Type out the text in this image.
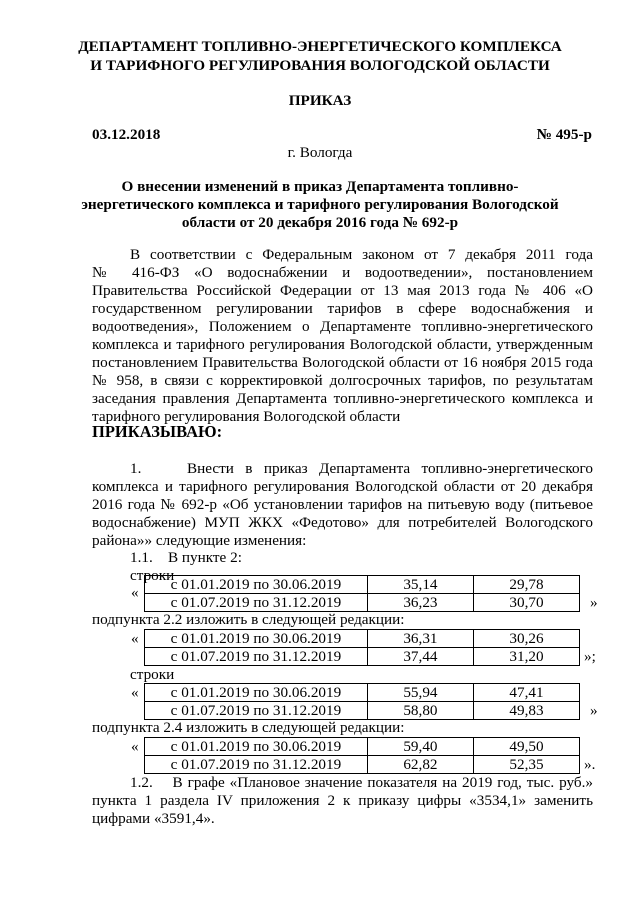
ДЕПАРТАМЕНТ ТОПЛИВНО-ЭНЕРГЕТИЧЕСКОГО КОМПЛЕКСА
И ТАРИФНОГО РЕГУЛИРОВАНИЯ ВОЛОГОДСКОЙ ОБЛАСТИ
ПРИКАЗ
03.12.2018	№ 495-р
г. Вологда
О внесении изменений в приказ Департамента топливно-
энергетического комплекса и тарифного регулирования Вологодской
области от 20 декабря 2016 года № 692-р
В соответствии с Федеральным законом от 7 декабря 2011 года
№ 416-ФЗ «О водоснабжении и водоотведении», постановлением
Правительства Российской Федерации от 13 мая 2013 года № 406 «О
государственном регулировании тарифов в сфере водоснабжения и
водоотведения», Положением о Департаменте топливно-энергетического
комплекса и тарифного регулирования Вологодской области, утвержденным
постановлением Правительства Вологодской области от 16 ноября 2015 года
№ 958, в связи с корректировкой долгосрочных тарифов, по результатам
заседания правления Департамента топливно-энергетического комплекса и
тарифного регулирования Вологодской области
ПРИКАЗЫВАЮ:
1.    Внести в приказ Департамента топливно-энергетического
комплекса и тарифного регулирования Вологодской области от 20 декабря
2016 года № 692-р «Об установлении тарифов на питьевую воду (питьевое
водоснабжение) МУП ЖКХ «Федотово» для потребителей Вологодского
района»» следующие изменения:
1.1.    В пункте 2:
строки
« с 01.01.2019 по 30.06.2019	35,14	29,78
с 01.07.2019 по 31.12.2019	36,23	30,70	»
подпункта 2.2 изложить в следующей редакции:
« с 01.01.2019 по 30.06.2019	36,31	30,26
с 01.07.2019 по 31.12.2019	37,44	31,20	»;
строки
« с 01.01.2019 по 30.06.2019	55,94	47,41
с 01.07.2019 по 31.12.2019	58,80	49,83	»
подпункта 2.4 изложить в следующей редакции:
« с 01.01.2019 по 30.06.2019	59,40	49,50
с 01.07.2019 по 31.12.2019	62,82	52,35	».
1.2.    В графе «Плановое значение показателя на 2019 год, тыс. руб.»
пункта 1 раздела IV приложения 2 к приказу цифры «3534,1» заменить
цифрами «3591,4».
